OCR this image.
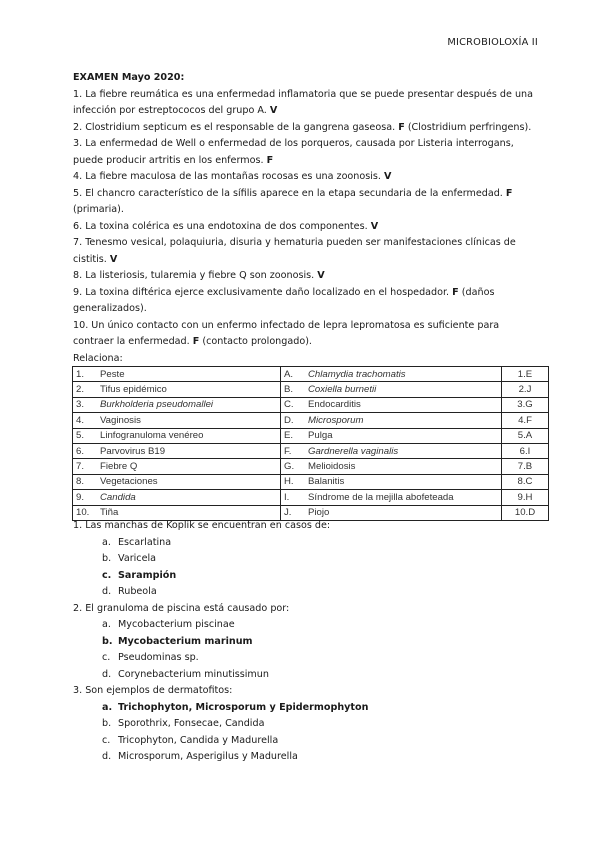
MICROBIOLOXÍA II
EXAMEN Mayo 2020:
1. La fiebre reumática es una enfermedad inflamatoria que se puede presentar después de una infección por estreptococos del grupo A. V
2. Clostridium septicum es el responsable de la gangrena gaseosa. F (Clostridium perfringens).
3. La enfermedad de Well o enfermedad de los porqueros, causada por Listeria interrogans, puede producir artritis en los enfermos. F
4. La fiebre maculosa de las montañas rocosas es una zoonosis. V
5. El chancro característico de la sífilis aparece en la etapa secundaria de la enfermedad. F (primaria).
6. La toxina colérica es una endotoxina de dos componentes. V
7. Tenesmo vesical, polaquiuria, disuria y hematuria pueden ser manifestaciones clínicas de cistitis. V
8. La listeriosis, tularemia y fiebre Q son zoonosis. V
9. La toxina diftérica ejerce exclusivamente daño localizado en el hospedador. F (daños generalizados).
10. Un único contacto con un enfermo infectado de lepra lepromatosa es suficiente para contraer la enfermedad. F (contacto prolongado).
Relaciona:
1. Peste	A. Chlamydia trachomatis	1.E
2. Tifus epidémico	B. Coxiella burnetii	2.J
3. Burkholderia pseudomallei	C. Endocarditis	3.G
4. Vaginosis	D. Microsporum	4.F
5. Linfogranuloma venéreo	E. Pulga	5.A
6. Parvovirus B19	F. Gardnerella vaginalis	6.I
7. Fiebre Q	G. Melioidosis	7.B
8. Vegetaciones	H. Balanitis	8.C
9. Candida	I. Síndrome de la mejilla abofeteada	9.H
10. Tiña	J. Piojo	10.D
1. Las manchas de Koplik se encuentran en casos de:
a. Escarlatina
b. Varicela
c. Sarampión
d. Rubeola
2. El granuloma de piscina está causado por:
a. Mycobacterium piscinae
b. Mycobacterium marinum
c. Pseudominas sp.
d. Corynebacterium minutissimun
3. Son ejemplos de dermatofitos:
a. Trichophyton, Microsporum y Epidermophyton
b. Sporothrix, Fonsecae, Candida
c. Tricophyton, Candida y Madurella
d. Microsporum, Asperigilus y Madurella
